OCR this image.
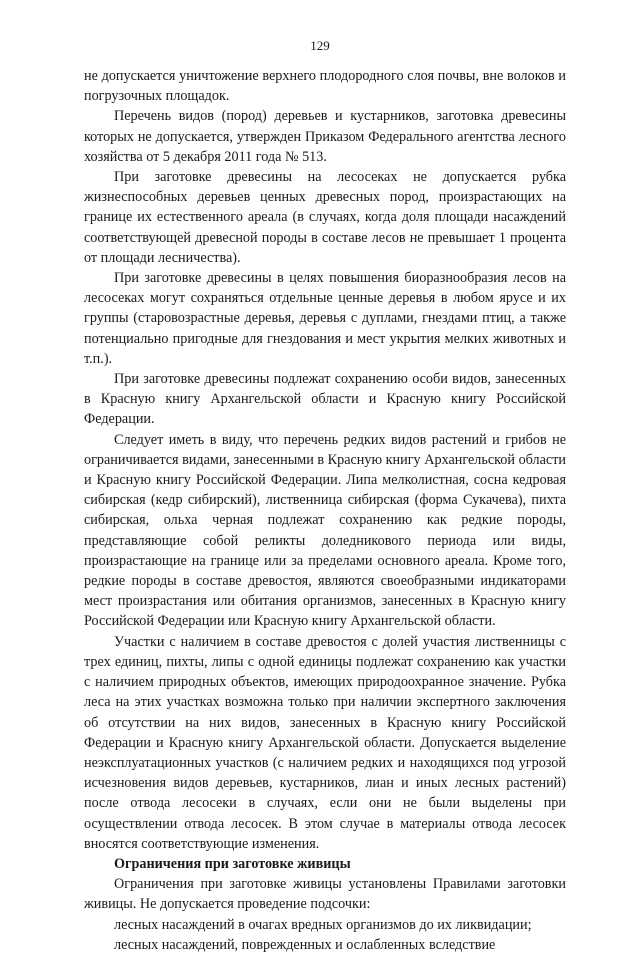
129

не допускается уничтожение верхнего плодородного слоя почвы, вне волоков и погрузочных площадок.

Перечень видов (пород) деревьев и кустарников, заготовка древесины которых не допускается, утвержден Приказом Федерального агентства лесного хозяйства от 5 декабря 2011 года № 513.

При заготовке древесины на лесосеках не допускается рубка жизнеспособных деревьев ценных древесных пород, произрастающих на границе их естественного ареала (в случаях, когда доля площади насаждений соответствующей древесной породы в составе лесов не превышает 1 процента от площади лесничества).

При заготовке древесины в целях повышения биоразнообразия лесов на лесосеках могут сохраняться отдельные ценные деревья в любом ярусе и их группы (старовозрастные деревья, деревья с дуплами, гнездами птиц, а также потенциально пригодные для гнездования и мест укрытия мелких животных и т.п.).

При заготовке древесины подлежат сохранению особи видов, занесенных в Красную книгу Архангельской области и Красную книгу Российской Федерации.

Следует иметь в виду, что перечень редких видов растений и грибов не ограничивается видами, занесенными в Красную книгу Архангельской области и Красную книгу Российской Федерации. Липа мелколистная, сосна кедровая сибирская (кедр сибирский), лиственница сибирская (форма Сукачева), пихта сибирская, ольха черная подлежат сохранению как редкие породы, представляющие собой реликты доледникового периода или виды, произрастающие на границе или за пределами основного ареала. Кроме того, редкие породы в составе древостоя, являются своеобразными индикаторами мест произрастания или обитания организмов, занесенных в Красную книгу Российской Федерации или Красную книгу Архангельской области.

Участки с наличием в составе древостоя с долей участия лиственницы с трех единиц, пихты, липы с одной единицы подлежат сохранению как участки с наличием природных объектов, имеющих природоохранное значение. Рубка леса на этих участках возможна только при наличии экспертного заключения об отсутствии на них видов, занесенных в Красную книгу Российской Федерации и Красную книгу Архангельской области. Допускается выделение неэксплуатационных участков (с наличием редких и находящихся под угрозой исчезновения видов деревьев, кустарников, лиан и иных лесных растений) после отвода лесосеки в случаях, если они не были выделены при осуществлении отвода лесосек. В этом случае в материалы отвода лесосек вносятся соответствующие изменения.

Ограничения при заготовке живицы

Ограничения при заготовке живицы установлены Правилами заготовки живицы. Не допускается проведение подсочки:

лесных насаждений в очагах вредных организмов до их ликвидации;

лесных насаждений, поврежденных и ослабленных вследствие
